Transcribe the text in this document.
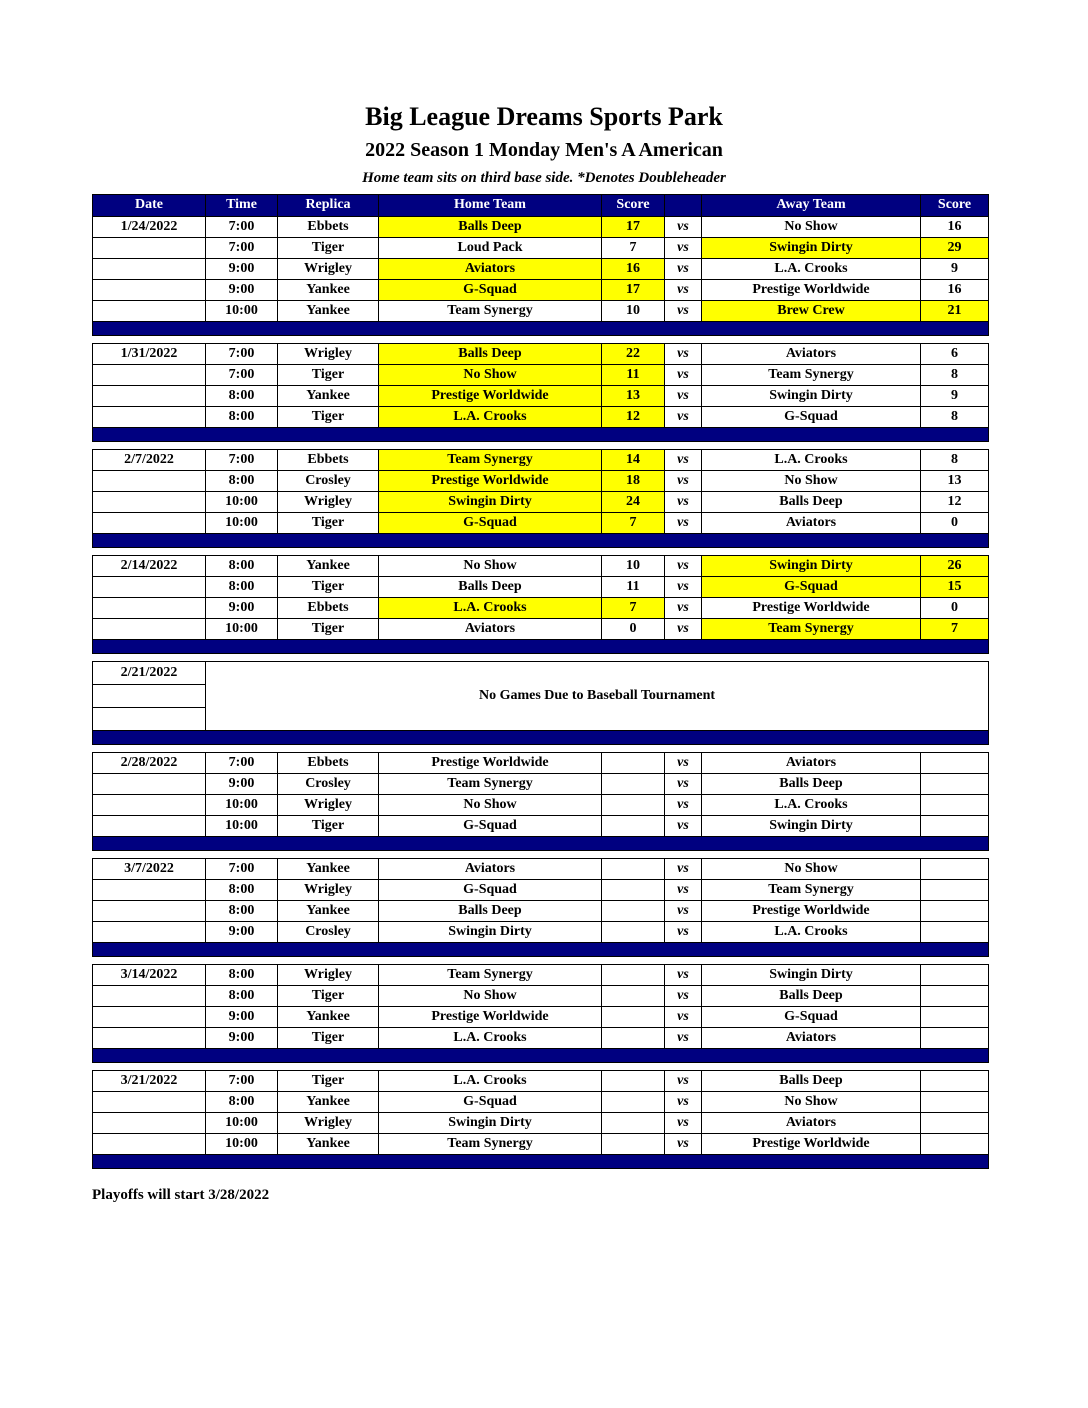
Big League Dreams Sports Park
2022 Season 1 Monday Men's A American
Home team sits on third base side. *Denotes Doubleheader
Date	Time	Replica	Home Team	Score		Away Team	Score
1/24/2022	7:00	Ebbets	Balls Deep	17	vs	No Show	16
	7:00	Tiger	Loud Pack	7	vs	Swingin Dirty	29
	9:00	Wrigley	Aviators	16	vs	L.A. Crooks	9
	9:00	Yankee	G-Squad	17	vs	Prestige Worldwide	16
	10:00	Yankee	Team Synergy	10	vs	Brew Crew	21

1/31/2022	7:00	Wrigley	Balls Deep	22	vs	Aviators	6
	7:00	Tiger	No Show	11	vs	Team Synergy	8
	8:00	Yankee	Prestige Worldwide	13	vs	Swingin Dirty	9
	8:00	Tiger	L.A. Crooks	12	vs	G-Squad	8

2/7/2022	7:00	Ebbets	Team Synergy	14	vs	L.A. Crooks	8
	8:00	Crosley	Prestige Worldwide	18	vs	No Show	13
	10:00	Wrigley	Swingin Dirty	24	vs	Balls Deep	12
	10:00	Tiger	G-Squad	7	vs	Aviators	0

2/14/2022	8:00	Yankee	No Show	10	vs	Swingin Dirty	26
	8:00	Tiger	Balls Deep	11	vs	G-Squad	15
	9:00	Ebbets	L.A. Crooks	7	vs	Prestige Worldwide	0
	10:00	Tiger	Aviators	0	vs	Team Synergy	7

2/21/2022	No Games Due to Baseball Tournament						

2/28/2022	7:00	Ebbets	Prestige Worldwide		vs	Aviators	
	9:00	Crosley	Team Synergy		vs	Balls Deep	
	10:00	Wrigley	No Show		vs	L.A. Crooks	
	10:00	Tiger	G-Squad		vs	Swingin Dirty	

3/7/2022	7:00	Yankee	Aviators		vs	No Show	
	8:00	Wrigley	G-Squad		vs	Team Synergy	
	8:00	Yankee	Balls Deep		vs	Prestige Worldwide	
	9:00	Crosley	Swingin Dirty		vs	L.A. Crooks	

3/14/2022	8:00	Wrigley	Team Synergy		vs	Swingin Dirty	
	8:00	Tiger	No Show		vs	Balls Deep	
	9:00	Yankee	Prestige Worldwide		vs	G-Squad	
	9:00	Tiger	L.A. Crooks		vs	Aviators	

3/21/2022	7:00	Tiger	L.A. Crooks		vs	Balls Deep	
	8:00	Yankee	G-Squad		vs	No Show	
	10:00	Wrigley	Swingin Dirty		vs	Aviators	
	10:00	Yankee	Team Synergy		vs	Prestige Worldwide	

Playoffs will start 3/28/2022
